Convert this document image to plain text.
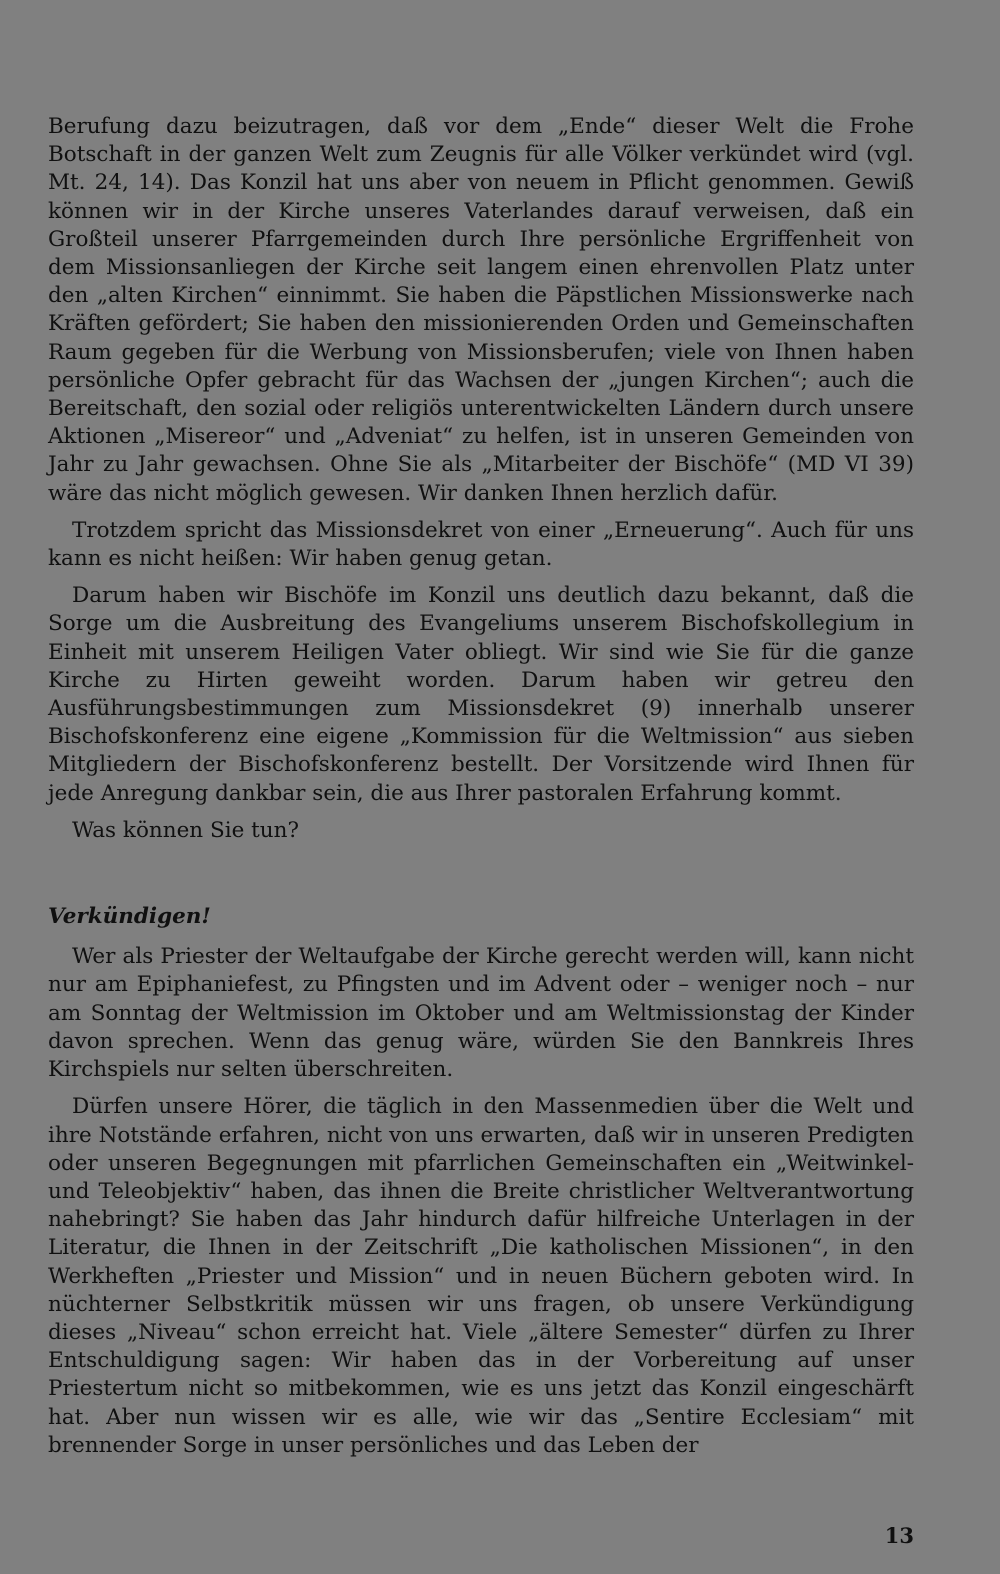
Berufung dazu beizutragen, daß vor dem „Ende“ dieser Welt die Frohe Botschaft in der ganzen Welt zum Zeugnis für alle Völker verkündet wird (vgl. Mt. 24, 14). Das Konzil hat uns aber von neuem in Pflicht genommen. Gewiß können wir in der Kirche unseres Vaterlandes darauf verweisen, daß ein Großteil unserer Pfarrgemeinden durch Ihre persönliche Ergriffenheit von dem Missionsanliegen der Kirche seit langem einen ehrenvollen Platz unter den „alten Kirchen“ einnimmt. Sie haben die Päpstlichen Missionswerke nach Kräften gefördert; Sie haben den missionierenden Orden und Gemeinschaften Raum gegeben für die Werbung von Missionsberufen; viele von Ihnen haben persönliche Opfer gebracht für das Wachsen der „jungen Kirchen“; auch die Bereitschaft, den sozial oder religiös unterentwickelten Ländern durch unsere Aktionen „Misereor“ und „Adveniat“ zu helfen, ist in unseren Gemeinden von Jahr zu Jahr gewachsen. Ohne Sie als „Mitarbeiter der Bischöfe“ (MD VI 39) wäre das nicht möglich gewesen. Wir danken Ihnen herzlich dafür.

Trotzdem spricht das Missionsdekret von einer „Erneuerung“. Auch für uns kann es nicht heißen: Wir haben genug getan.

Darum haben wir Bischöfe im Konzil uns deutlich dazu bekannt, daß die Sorge um die Ausbreitung des Evangeliums unserem Bischofskollegium in Einheit mit unserem Heiligen Vater obliegt. Wir sind wie Sie für die ganze Kirche zu Hirten geweiht worden. Darum haben wir getreu den Ausführungsbestimmungen zum Missionsdekret (9) innerhalb unserer Bischofskonferenz eine eigene „Kommission für die Weltmission“ aus sieben Mitgliedern der Bischofskonferenz bestellt. Der Vorsitzende wird Ihnen für jede Anregung dankbar sein, die aus Ihrer pastoralen Erfahrung kommt.

Was können Sie tun?

Verkündigen!

Wer als Priester der Weltaufgabe der Kirche gerecht werden will, kann nicht nur am Epiphaniefest, zu Pfingsten und im Advent oder – weniger noch – nur am Sonntag der Weltmission im Oktober und am Weltmissionstag der Kinder davon sprechen. Wenn das genug wäre, würden Sie den Bannkreis Ihres Kirchspiels nur selten überschreiten.

Dürfen unsere Hörer, die täglich in den Massenmedien über die Welt und ihre Notstände erfahren, nicht von uns erwarten, daß wir in unseren Predigten oder unseren Begegnungen mit pfarrlichen Gemeinschaften ein „Weitwinkel- und Teleobjektiv“ haben, das ihnen die Breite christlicher Weltverantwortung nahebringt? Sie haben das Jahr hindurch dafür hilfreiche Unterlagen in der Literatur, die Ihnen in der Zeitschrift „Die katholischen Missionen“, in den Werkheften „Priester und Mission“ und in neuen Büchern geboten wird. In nüchterner Selbstkritik müssen wir uns fragen, ob unsere Verkündigung dieses „Niveau“ schon erreicht hat. Viele „ältere Semester“ dürfen zu Ihrer Entschuldigung sagen: Wir haben das in der Vorbereitung auf unser Priestertum nicht so mitbekommen, wie es uns jetzt das Konzil eingeschärft hat. Aber nun wissen wir es alle, wie wir das „Sentire Ecclesiam“ mit brennender Sorge in unser persönliches und das Leben der

13
